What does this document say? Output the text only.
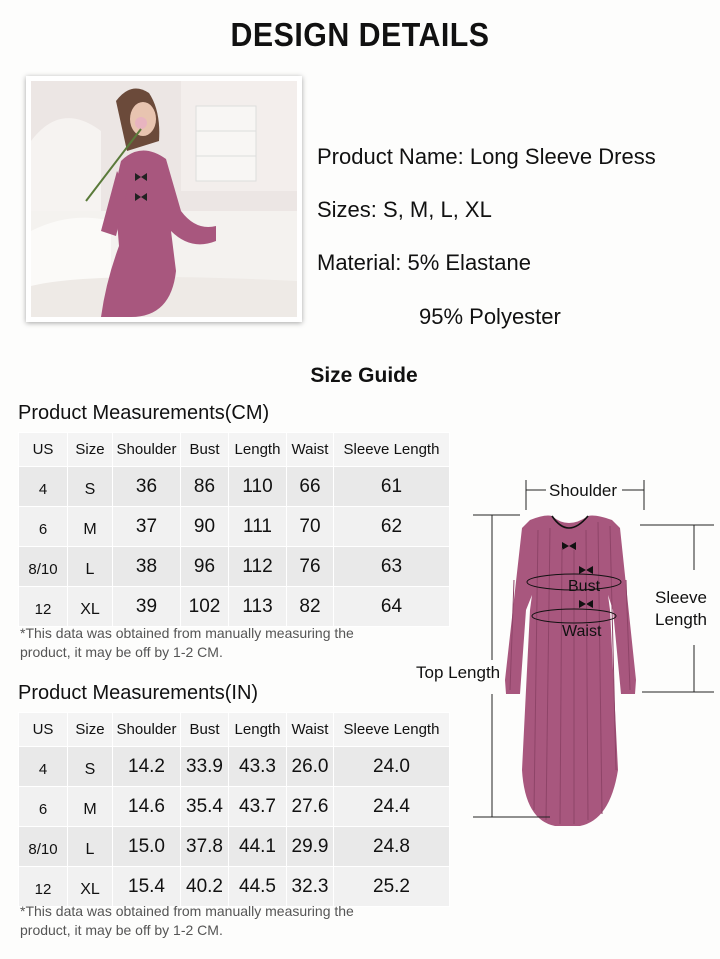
DESIGN DETAILS
Product Name: Long Sleeve Dress
Sizes: S, M, L, XL
Material: 5% Elastane
95% Polyester
Size Guide
Product Measurements(CM)
US	Size	Shoulder	Bust	Length	Waist	Sleeve Length
4	S	36	86	110	66	61
6	M	37	90	111	70	62
8/10	L	38	96	112	76	63
12	XL	39	102	113	82	64
*This data was obtained from manually measuring the product, it may be off by 1-2 CM.
Product Measurements(IN)
US	Size	Shoulder	Bust	Length	Waist	Sleeve Length
4	S	14.2	33.9	43.3	26.0	24.0
6	M	14.6	35.4	43.7	27.6	24.4
8/10	L	15.0	37.8	44.1	29.9	24.8
12	XL	15.4	40.2	44.5	32.3	25.2
*This data was obtained from manually measuring the product, it may be off by 1-2 CM.
Shoulder
Bust
Waist
Sleeve
Length
Top Length
